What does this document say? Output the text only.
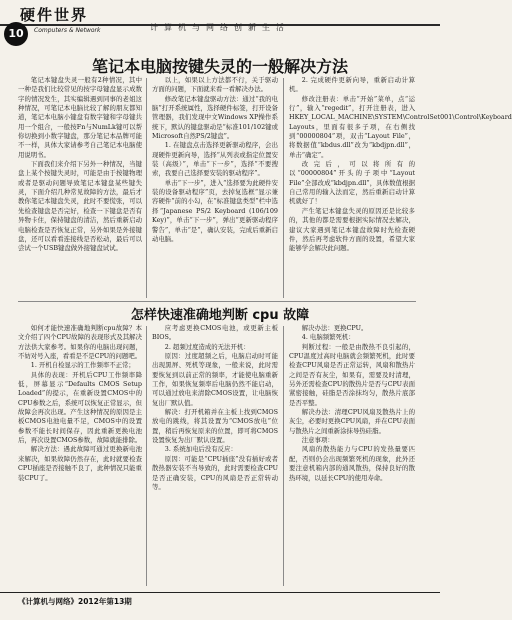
硬件世界
10	Computers & Network	计算机与网络创新生活
笔记本电脑按键失灵的一般解决方法

笔记本键盘失灵一般有2种情况，其中一种是我们比较常见的按字母键盘显示成数字的情况发生，其实编辑遇到同事的老姐这种情况，可笔记本电脑比较了解的朋友都知道，笔记本电脑小键盘有数字键和字母键共用一个组合，一般按Fn与NumLk键可以帮你切换到小数字键盘，那分笔记本品牌可能不一样，具体大家请参考自己笔记本电脑使用说明书。

下面我们来介绍下另外一种情况，当键盘上某个按键失灵时，可能是由于按键物理或者是驱动问题导致笔记本键盘某些键失灵，下面介绍几种常见故障的方法，最后才教你笔记本键盘失灵，此时不要慌张，可以先检查键盘是否完好，检查一下键盘是否有异物卡住，保持键盘的清洁，然后重新启动电脑检查是否恢复正常，另外如果是外接键盘，还可以看看连接线是否松动，最后可以尝试一个USB键盘做外接键盘试试。

以上，如果以上方法都不行，关于驱动方面的问题，下面就来看一看解决办法。

修改笔记本键盘驱动方法：通过“我的电脑”打开系统属性，选择硬件标签，打开设备管理器，我们发现中文Windows XP操作系统下，默认的键盘驱动是“标准101/102键或Microsoft自然PS/2键盘”。

1. 在键盘点击选择更新驱动程序，会出现硬件更新向导，选择“从列表或指定位置安装（高级）”，单击“下一步”，选择“不要搜索，我要自己选择要安装的驱动程序”。

单击“下一步”，进入“选择要为此硬件安装的设备驱动程序”页，去掉复选框“显示兼容硬件”前的小勾，在“标准键盘类型”栏中选择“Japanese PS/2 Keyboard (106/109 Key)”，单击“下一步”，弹出“更新驱动程序警告”，单击“是”，确认安装，完成后重新启动电脑。

2. 完成硬件更新向导，重新启动计算机。

修改注册表：单击“开始”菜单，点“运行”，输入“regedit”，打开注册表，进入HKEY_LOCAL_MACHINE\SYSTEM\ControlSet001\Control\Keyboard Layouts，里面有很多子项，在右侧找到“00000804”项，双击“Layout File”，将数据值“kbdus.dll”改为“kbdjpn.dll”，单击“确定”。

改完后，可以将所有的以“00000804”开头的子项中“Layout File”全部改成“kbdjpn.dll”，具体数值根据自己常用的输入法而定，然后重新启动计算机就好了！

产生笔记本键盘失灵的原因还是比较多的，其他的都是需要根据实际情况去解决，建议大家遇到笔记本键盘故障时先检查硬件，然后再考虑软件方面的设置，希望大家能够学会解决此问题。

怎样快速准确地判断 cpu 故障

如何才能快速准确地判断cpu故障？本文介绍了四个CPU故障的表现形式及其解决方法供大家参考。如果你的电脑出现问题，不妨对号入座，看看是不是CPU的问题吧。

1. 开机自检显示的工作频率不正常；

具体的表现：开机后CPU工作频率降低，屏幕显示“Defaults CMOS Setup Loaded”的提示，在重新设置CMOS中的CPU参数之后，系统可以恢复正常显示，但故障会再次出现。产生这种情况的原因是主板CMOS电池电量不足，CMOS中的设置参数不能长时间保存，因此重新更换电池后，再次设置CMOS参数，故障就能排除。

解决方法：遇此故障可通过更换新电池来解决，如果故障仍然存在，此时就要检查CPU插座是否接触不良了，此种情况只能重装CPU了。

应考虑更换CMOS电池，或更新主板BIOS。

2. 超频过度造成的无法开机：

原因：过度超频之后，电脑启动时可能出现黑屏、死机等现象，一般来说，此时需要恢复到以前正常的频率，才能使电脑重新工作，如果恢复频率后电脑仍然不能启动，可以通过放电来清除CMOS设置，让电脑恢复出厂默认值。

解决：打开机箱并在主板上找到CMOS放电的跳线，将其设置为“CMOS放电”位置，稍后再恢复原来的位置，即可将CMOS设置恢复为出厂默认设置。

3. 系统加电后没有反应：

原因：可能是“CPU插座”没有插好或者散热器安装不当导致的，此时需要检查CPU是否正确安装，CPU的风扇是否正常转动等。

解决办法：更换CPU。

4. 电脑频繁死机：

判断过程：一般是由散热不良引起的，CPU温度过高时电脑就会频繁死机，此时要检查CPU风扇是否正常运转，风扇和散热片之间是否有灰尘，如果有，需要及时清理，另外还需检查CPU的散热片是否与CPU表面紧密接触，硅脂是否涂抹均匀，散热片底部是否平整。

解决办法：清理CPU风扇及散热片上的灰尘，必要时更换CPU风扇，并在CPU表面与散热片之间重新涂抹导热硅脂。

注意事项：

风扇的散热能力与CPU的发热量要匹配，否则仍会出现频繁死机的现象，此外还要注意机箱内部的通风散热，保持良好的散热环境，以延长CPU的使用寿命。

《计算机与网络》2012年第13期
